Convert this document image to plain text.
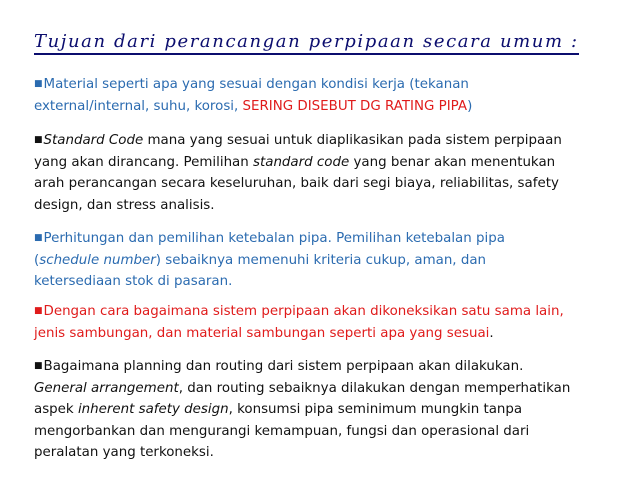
Tujuan dari perancangan perpipaan secara umum :
■Material seperti apa yang sesuai dengan kondisi kerja (tekanan
external/internal, suhu, korosi, SERING DISEBUT DG RATING PIPA)
■Standard Code mana yang sesuai untuk diaplikasikan pada sistem perpipaan
yang akan dirancang. Pemilihan standard code yang benar akan menentukan
arah perancangan secara keseluruhan, baik dari segi biaya, reliabilitas, safety
design, dan stress analisis.
■Perhitungan dan pemilihan ketebalan pipa. Pemilihan ketebalan pipa
(schedule number) sebaiknya memenuhi kriteria cukup, aman, dan
ketersediaan stok di pasaran.
■Dengan cara bagaimana sistem perpipaan akan dikoneksikan satu sama lain,
jenis sambungan, dan material sambungan seperti apa yang sesuai.
■Bagaimana planning dan routing dari sistem perpipaan akan dilakukan.
General arrangement, dan routing sebaiknya dilakukan dengan memperhatikan
aspek inherent safety design, konsumsi pipa seminimum mungkin tanpa
mengorbankan dan mengurangi kemampuan, fungsi dan operasional dari
peralatan yang terkoneksi.
